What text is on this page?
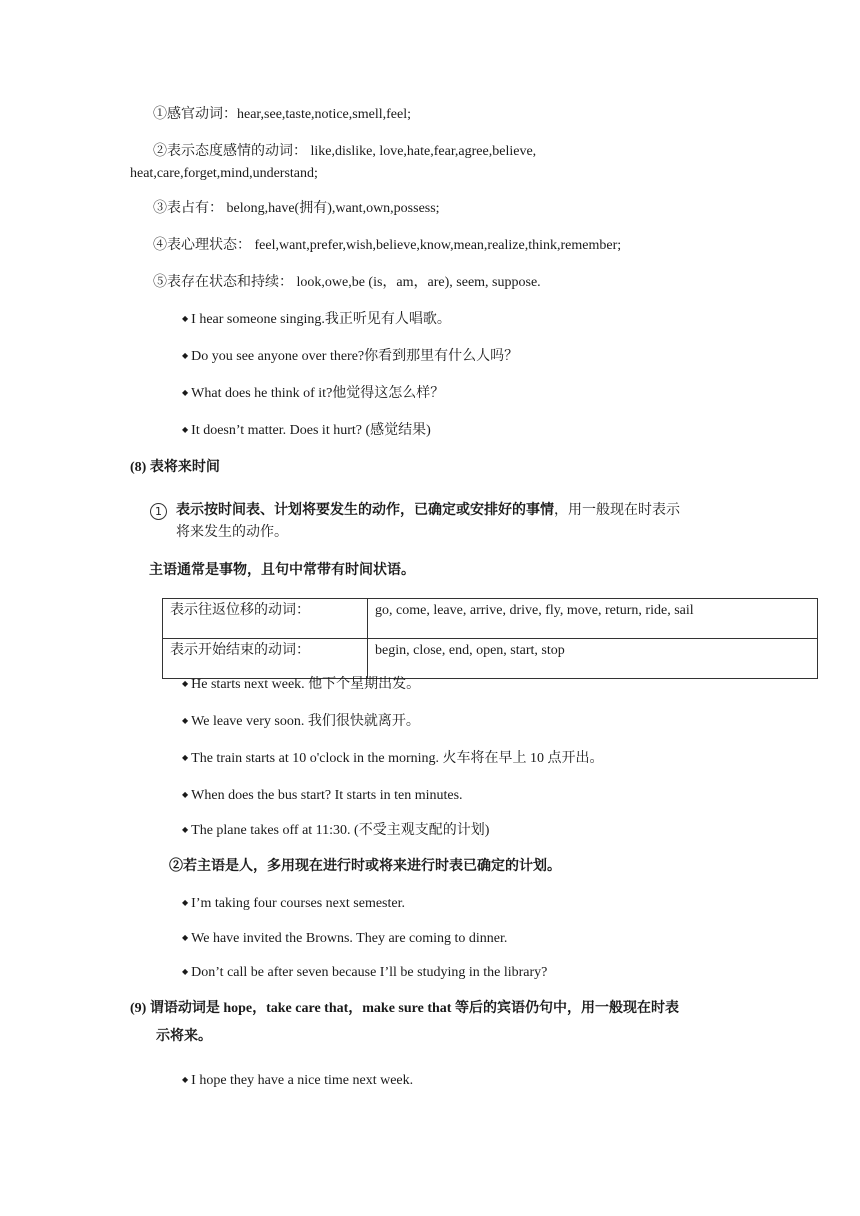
①感官动词：hear,see,taste,notice,smell,feel;
②表示态度感情的动词： like,dislike, love,hate,fear,agree,believe,
heat,care,forget,mind,understand;
③表占有： belong,have(拥有),want,own,possess;
④表心理状态： feel,want,prefer,wish,believe,know,mean,realize,think,remember;
⑤表存在状态和持续： look,owe,be (is，am，are), seem, suppose.
◆ I hear someone singing.我正听见有人唱歌。
◆ Do you see anyone over there?你看到那里有什么人吗？
◆ What does he think of it?他觉得这怎么样？
◆ It doesn’t matter. Does it hurt? (感觉结果)
(8) 表将来时间
1	表示按时间表、计划将要发生的动作，已确定或安排好的事情，用一般现在时表示
将来发生的动作。
主语通常是事物，且句中常带有时间状语。
表示往返位移的动词：	go, come, leave, arrive, drive, fly, move, return, ride, sail
表示开始结束的动词：	begin, close, end, open, start, stop
◆ He starts next week. 他下个星期出发。
◆ We leave very soon. 我们很快就离开。
◆ The train starts at 10 o'clock in the morning. 火车将在早上 10 点开出。
◆ When does the bus start? It starts in ten minutes.
◆ The plane takes off at 11:30. (不受主观支配的计划)
②若主语是人，多用现在进行时或将来进行时表已确定的计划。
◆ I’m taking four courses next semester.
◆ We have invited the Browns. They are coming to dinner.
◆ Don’t call be after seven because I’ll be studying in the library?
(9) 谓语动词是 hope，take care that，make sure that 等后的宾语仍句中，用一般现在时表
示将来。
◆ I hope they have a nice time next week.
